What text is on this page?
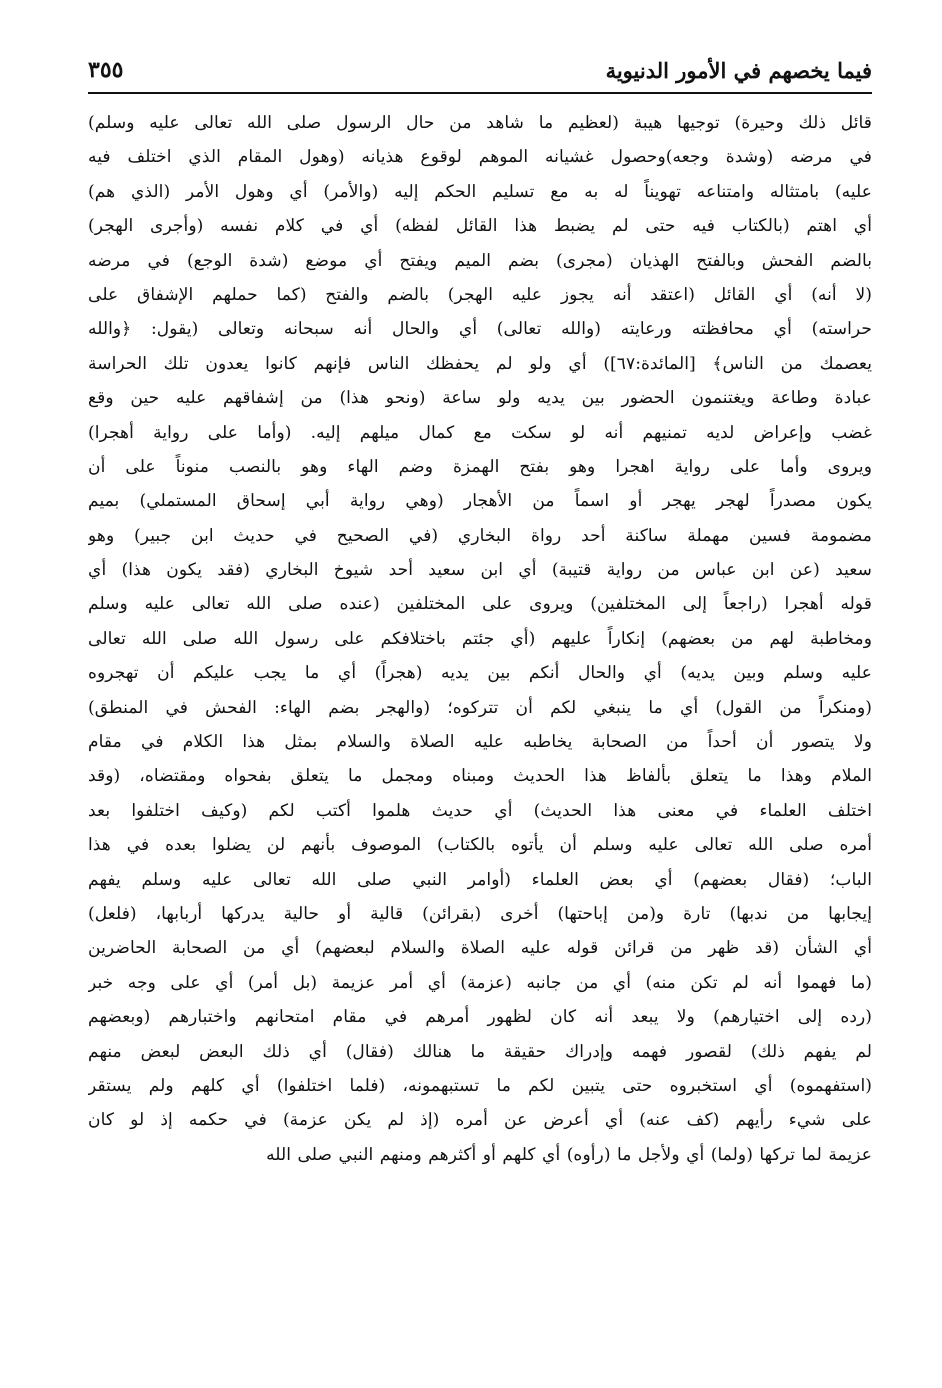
فيما يخصهم في الأمور الدنيوية
٣٥٥
قائل ذلك وحيرة) توجيها هيبة (لعظيم ما شاهد من حال الرسول صلى الله تعالى عليه وسلم)
في مرضه (وشدة وجعه)وحصول غشيانه الموهم لوقوع هذيانه (وهول المقام الذي اختلف فيه
عليه) بامتثاله وامتناعه تهويناً له به مع تسليم الحكم إليه (والأمر) أي وهول الأمر (الذي هم)
أي اهتم (بالكتاب فيه حتى لم يضبط هذا القائل لفظه) أي في كلام نفسه (وأجرى الهجر)
بالضم الفحش وبالفتح الهذيان (مجرى) بضم الميم ويفتح أي موضع (شدة الوجع) في مرضه
(لا أنه) أي القائل (اعتقد أنه يجوز عليه الهجر) بالضم والفتح (كما حملهم الإشفاق على
حراسته) أي محافظته ورعايته (والله تعالى) أي والحال أنه سبحانه وتعالى (يقول: ﴿والله
يعصمك من الناس﴾ [المائدة:٦٧]) أي ولو لم يحفظك الناس فإنهم كانوا يعدون تلك الحراسة
عبادة وطاعة ويغتنمون الحضور بين يديه ولو ساعة (ونحو هذا) من إشفاقهم عليه حين وقع
غضب وإعراض لديه تمنيهم أنه لو سكت مع كمال ميلهم إليه. (وأما على رواية أهجرا)
ويروى وأما على رواية اهجرا وهو بفتح الهمزة وضم الهاء وهو بالنصب منوناً على أن
يكون مصدراً لهجر يهجر أو اسماً من الأهجار (وهي رواية أبي إسحاق المستملي) بميم
مضمومة فسين مهملة ساكنة أحد رواة البخاري (في الصحيح في حديث ابن جبير) وهو
سعيد (عن ابن عباس من رواية قتيبة) أي ابن سعيد أحد شيوخ البخاري (فقد يكون هذا) أي
قوله أهجرا (راجعاً إلى المختلفين) ويروى على المختلفين (عنده صلى الله تعالى عليه وسلم
ومخاطبة لهم من بعضهم) إنكاراً عليهم (أي جئتم باختلافكم على رسول الله صلى الله تعالى
عليه وسلم وبين يديه) أي والحال أنكم بين يديه (هجراً) أي ما يجب عليكم أن تهجروه
(ومنكراً من القول) أي ما ينبغي لكم أن تتركوه؛ (والهجر بضم الهاء: الفحش في المنطق)
ولا يتصور أن أحداً من الصحابة يخاطبه عليه الصلاة والسلام بمثل هذا الكلام في مقام
الملام وهذا ما يتعلق بألفاظ هذا الحديث ومبناه ومجمل ما يتعلق بفحواه ومقتضاه، (وقد
اختلف العلماء في معنى هذا الحديث) أي حديث هلموا أكتب لكم (وكيف اختلفوا بعد
أمره صلى الله تعالى عليه وسلم أن يأتوه بالكتاب) الموصوف بأنهم لن يضلوا بعده في هذا
الباب؛ (فقال بعضهم) أي بعض العلماء (أوامر النبي صلى الله تعالى عليه وسلم يفهم
إيجابها من ندبها) تارة و(من إباحتها) أخرى (بقرائن) قالية أو حالية يدركها أربابها، (فلعل)
أي الشأن (قد ظهر من قرائن قوله عليه الصلاة والسلام لبعضهم) أي من الصحابة الحاضرين
(ما فهموا أنه لم تكن منه) أي من جانبه (عزمة) أي أمر عزيمة (بل أمر) أي على وجه خبر
(رده إلى اختيارهم) ولا يبعد أنه كان لظهور أمرهم في مقام امتحانهم واختبارهم (وبعضهم
لم يفهم ذلك) لقصور فهمه وإدراك حقيقة ما هنالك (فقال) أي ذلك البعض لبعض منهم
(استفهموه) أي استخبروه حتى يتبين لكم ما تستبهمونه، (فلما اختلفوا) أي كلهم ولم يستقر
على شيء رأيهم (كف عنه) أي أعرض عن أمره (إذ لم يكن عزمة) في حكمه إذ لو كان
عزيمة لما تركها (ولما) أي ولأجل ما (رأوه) أي كلهم أو أكثرهم ومنهم النبي صلى الله
